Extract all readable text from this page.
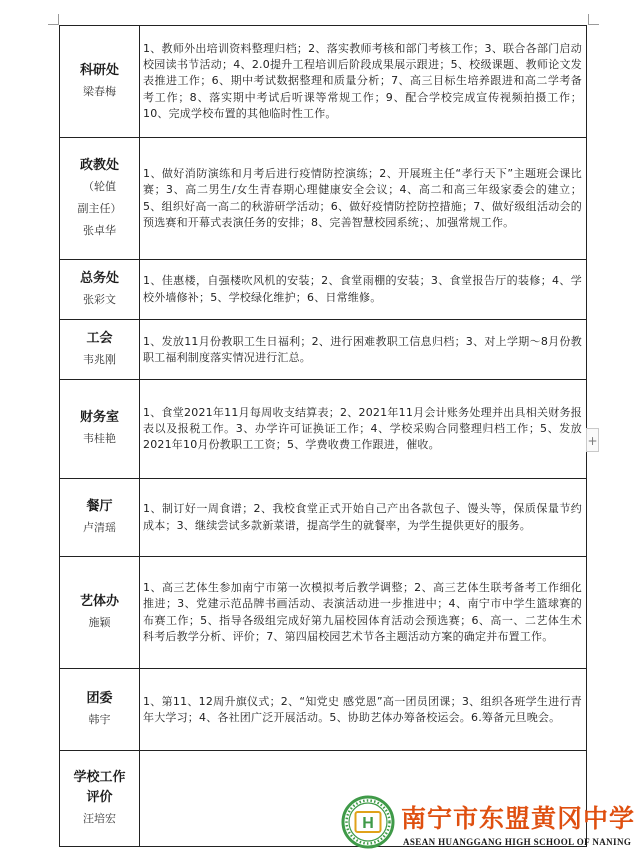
科研处
梁春梅	1、教师外出培训资料整理归档；2、落实教师考核和部门考核工作；3、联合各部门启动校园读书节活动；4、2.0提升工程培训后阶段成果展示跟进；5、校级课题、教师论文发表推进工作；6、期中考试数据整理和质量分析；7、高三目标生培养跟进和高二学考备考工作；8、落实期中考试后听课等常规工作；9、配合学校完成宣传视频拍摄工作；10、完成学校布置的其他临时性工作。

政教处
（轮值
副主任）
张卓华	1、做好消防演练和月考后进行疫情防控演练；2、开展班主任“孝行天下”主题班会课比赛；3、高二男生/女生青春期心理健康安全会议；4、高二和高三年级家委会的建立；5、组织好高一高二的秋游研学活动；6、做好疫情防控防控措施；7、做好级组活动会的预选赛和开幕式表演任务的安排；8、完善智慧校园系统；、加强常规工作。

总务处
张彩文	1、佳惠楼，自强楼吹风机的安装；2、食堂雨棚的安装；3、食堂报告厅的装修；4、学校外墙修补；5、学校绿化维护；6、日常维修。

工会
韦兆刚	1、发放11月份教职工生日福利；2、进行困难教职工信息归档；3、对上学期～8月份教职工福利制度落实情况进行汇总。

财务室
韦桂艳	1、食堂2021年11月每周收支结算表；2、2021年11月会计账务处理并出具相关财务报表以及报税工作。3、办学许可证换证工作；4、学校采购合同整理归档工作；5、发放2021年10月份教职工工资；5、学费收费工作跟进，催收。

餐厅
卢清瑶	1、制订好一周食谱；2、我校食堂正式开始自己产出各款包子、馒头等，保质保量节约成本；3、继续尝试多款新菜谱，提高学生的就餐率，为学生提供更好的服务。

艺体办
施颖	1、高三艺体生参加南宁市第一次模拟考后教学调整；2、高三艺体生联考备考工作细化推进；3、党建示范品牌书画活动、表演活动进一步推进中；4、南宁市中学生篮球赛的布赛工作；5、指导各级组完成好第九届校园体育活动会预选赛；6、高一、二艺体生术科考后教学分析、评价；7、第四届校园艺术节各主题活动方案的确定并布置工作。

团委
韩宇	1、第11、12周升旗仪式；2、“知党史 感党恩”高一团员团课；3、组织各班学生进行青年大学习；4、各社团广泛开展活动。5、协助艺体办筹备校运会。6.筹备元旦晚会。

学校工作
评价
汪培宏	

+
H 南宁市东盟黄冈中学
ASEAN HUANGGANG HIGH SCHOOL OF NANING
